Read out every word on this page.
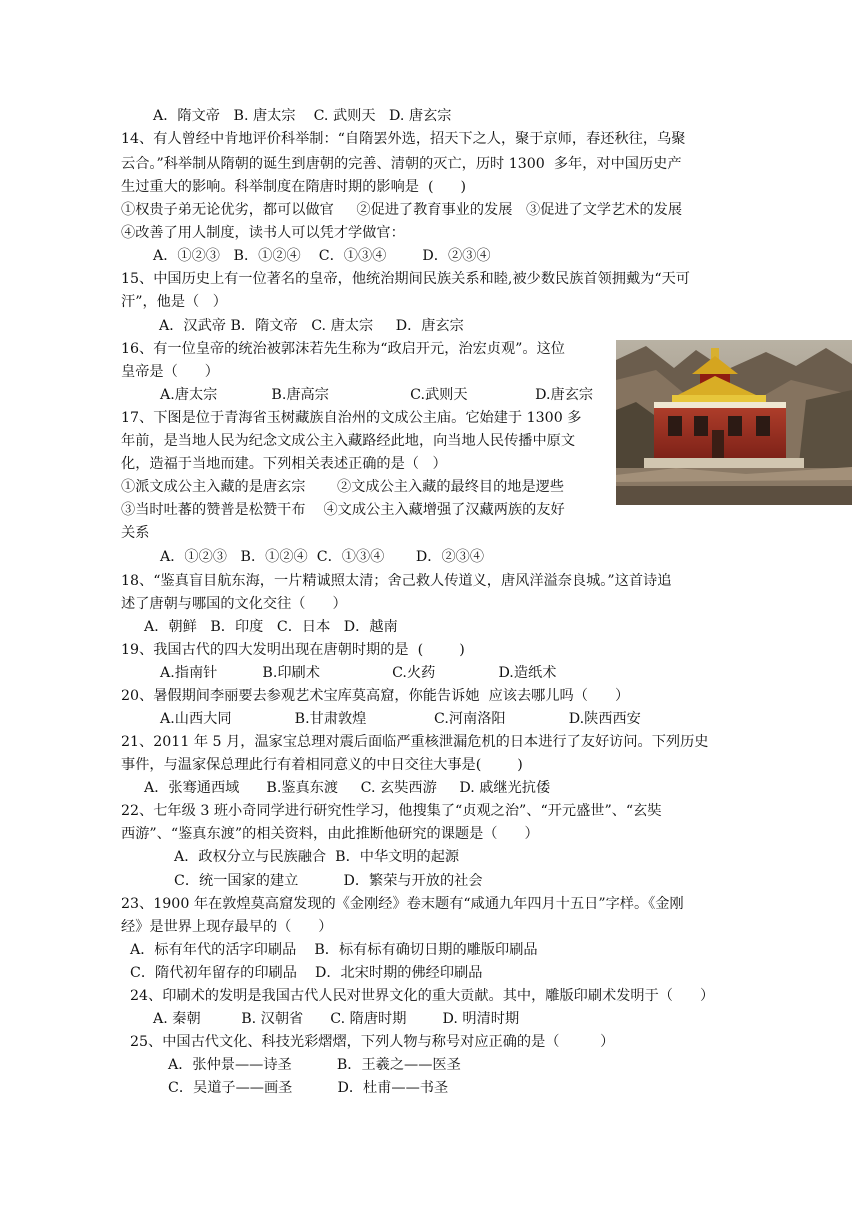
A．隋文帝   B. 唐太宗    C. 武则天   D. 唐玄宗
14、有人曾经中肯地评价科举制：“自隋罢外选，招天下之人，聚于京师，春还秋往，乌聚
云合。”科举制从隋朝的诞生到唐朝的完善、清朝的灭亡，历时 1300  多年，对中国历史产
生过重大的影响。科举制度在隋唐时期的影响是  (      )
①权贵子弟无论优劣，都可以做官     ②促进了教育事业的发展   ③促进了文学艺术的发展
④改善了用人制度，读书人可以凭才学做官：
A．①②③   B．①②④    C．①③④        D．②③④
15、中国历史上有一位著名的皇帝，他统治期间民族关系和睦,被少数民族首领拥戴为“天可
汗”，他是（   ）
A．汉武帝 B．隋文帝   C. 唐太宗     D．唐玄宗
16、有一位皇帝的统治被郭沫若先生称为“政启开元，治宏贞观”。这位
皇帝是（      ）
A.唐太宗            B.唐高宗                  C.武则天               D.唐玄宗
17、下图是位于青海省玉树藏族自治州的文成公主庙。它始建于 1300 多
年前，是当地人民为纪念文成公主入藏路经此地，向当地人民传播中原文
化，造福于当地而建。下列相关表述正确的是（   ）
①派文成公主入藏的是唐玄宗       ②文成公主入藏的最终目的地是逻些
③当时吐蕃的赞普是松赞干布    ④文成公主入藏增强了汉藏两族的友好
关系
A．①②③   B．①②④  C．①③④       D．②③④
18、“鉴真盲目航东海，一片精诚照太清；舍己救人传道义，唐风洋溢奈良城。”这首诗追
述了唐朝与哪国的文化交往（      ）
A．朝鲜   B．印度   C．日本   D．越南
19、我国古代的四大发明出现在唐朝时期的是  (        )
A.指南针          B.印刷术                C.火药              D.造纸术
20、暑假期间李丽要去参观艺术宝库莫高窟，你能告诉她  应该去哪儿吗（      ）
A.山西大同              B.甘肃敦煌               C.河南洛阳              D.陕西西安
21、2011 年 5 月，温家宝总理对震后面临严重核泄漏危机的日本进行了友好访问。下列历史
事件，与温家保总理此行有着相同意义的中日交往大事是(        )
A．张骞通西域      B.鉴真东渡     C. 玄奘西游     D. 戚继光抗倭
22、七年级 3 班小奇同学进行研究性学习，他搜集了“贞观之治”、“开元盛世”、“玄奘
西游”、“鉴真东渡”的相关资料，由此推断他研究的课题是（      ）
A．政权分立与民族融合  B．中华文明的起源
C．统一国家的建立          D．繁荣与开放的社会
23、1900 年在敦煌莫高窟发现的《金刚经》卷末题有“咸通九年四月十五日”字样。《金刚
经》是世界上现存最早的（      ）
A．标有年代的活字印刷品    B．标有标有确切日期的雕版印刷品
C．隋代初年留存的印刷品    D．北宋时期的佛经印刷品
24、印刷术的发明是我国古代人民对世界文化的重大贡献。其中，雕版印刷术发明于（      ）
A. 秦朝         B. 汉朝省      C. 隋唐时期        D. 明清时期
25、中国古代文化、科技光彩熠熠，下列人物与称号对应正确的是（         ）
A．张仲景——诗圣          B．王羲之——医圣
C．吴道子——画圣          D．杜甫——书圣
